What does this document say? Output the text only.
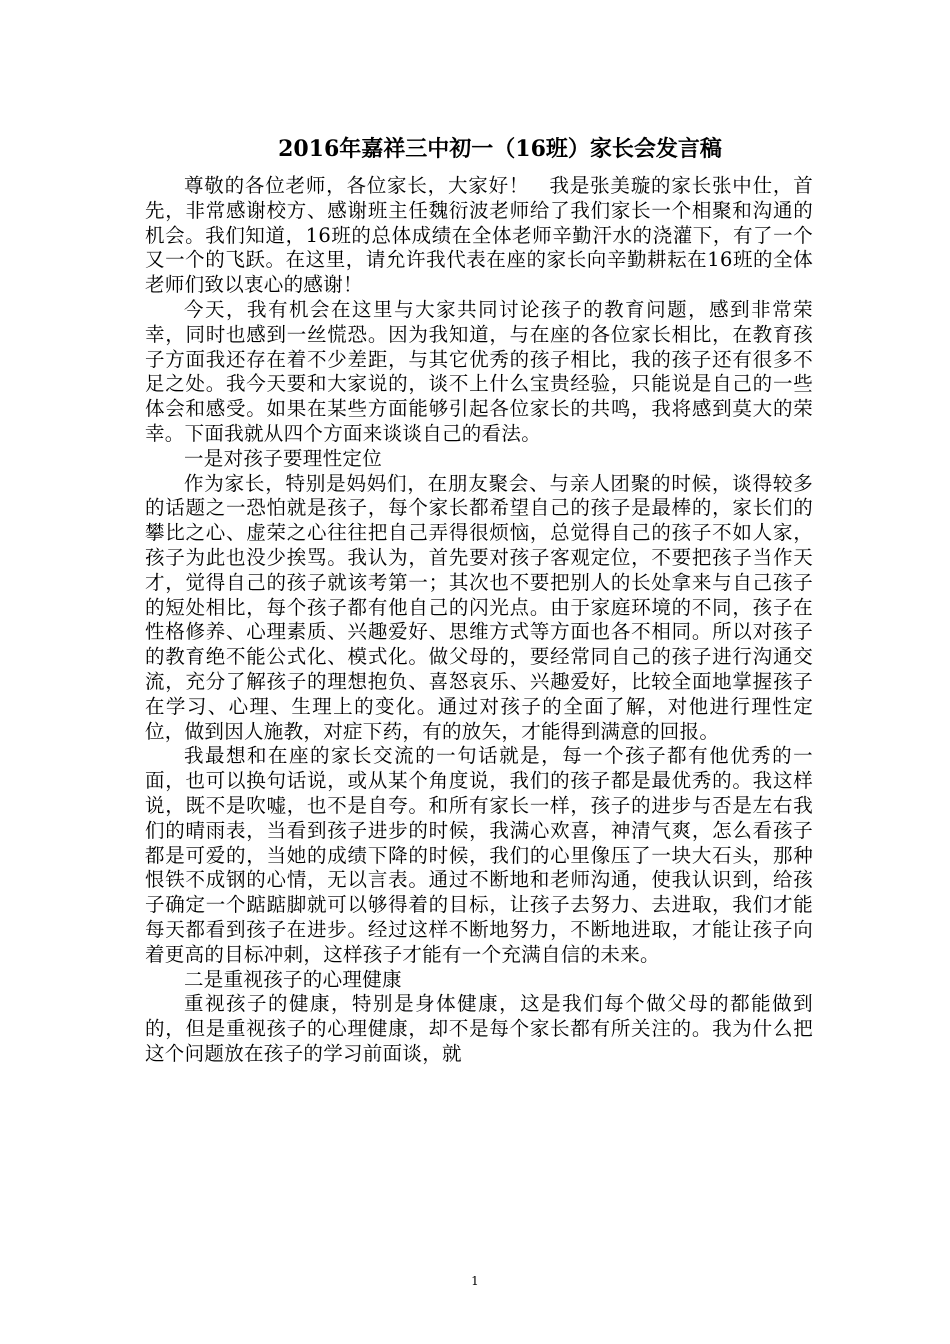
2016年嘉祥三中初一（16班）家长会发言稿

尊敬的各位老师，各位家长，大家好！　我是张美璇的家长张中仕，首先，非常感谢校方、感谢班主任魏衍波老师给了我们家长一个相聚和沟通的机会。我们知道，16班的总体成绩在全体老师辛勤汗水的浇灌下，有了一个又一个的飞跃。在这里，请允许我代表在座的家长向辛勤耕耘在16班的全体老师们致以衷心的感谢！

今天，我有机会在这里与大家共同讨论孩子的教育问题，感到非常荣幸，同时也感到一丝慌恐。因为我知道，与在座的各位家长相比，在教育孩子方面我还存在着不少差距，与其它优秀的孩子相比，我的孩子还有很多不足之处。我今天要和大家说的，谈不上什么宝贵经验，只能说是自己的一些体会和感受。如果在某些方面能够引起各位家长的共鸣，我将感到莫大的荣幸。下面我就从四个方面来谈谈自己的看法。

一是对孩子要理性定位

作为家长，特别是妈妈们，在朋友聚会、与亲人团聚的时候，谈得较多的话题之一恐怕就是孩子，每个家长都希望自己的孩子是最棒的，家长们的攀比之心、虚荣之心往往把自己弄得很烦恼，总觉得自己的孩子不如人家，孩子为此也没少挨骂。我认为，首先要对孩子客观定位，不要把孩子当作天才，觉得自己的孩子就该考第一；其次也不要把别人的长处拿来与自己孩子的短处相比，每个孩子都有他自己的闪光点。由于家庭环境的不同，孩子在性格修养、心理素质、兴趣爱好、思维方式等方面也各不相同。所以对孩子的教育绝不能公式化、模式化。做父母的，要经常同自己的孩子进行沟通交流，充分了解孩子的理想抱负、喜怒哀乐、兴趣爱好，比较全面地掌握孩子在学习、心理、生理上的变化。通过对孩子的全面了解，对他进行理性定位，做到因人施教，对症下药，有的放矢，才能得到满意的回报。

我最想和在座的家长交流的一句话就是，每一个孩子都有他优秀的一面，也可以换句话说，或从某个角度说，我们的孩子都是最优秀的。我这样说，既不是吹嘘，也不是自夸。和所有家长一样，孩子的进步与否是左右我们的晴雨表，当看到孩子进步的时候，我满心欢喜，神清气爽，怎么看孩子都是可爱的，当她的成绩下降的时候，我们的心里像压了一块大石头，那种恨铁不成钢的心情，无以言表。通过不断地和老师沟通，使我认识到，给孩子确定一个踮踮脚就可以够得着的目标，让孩子去努力、去进取，我们才能每天都看到孩子在进步。经过这样不断地努力，不断地进取，才能让孩子向着更高的目标冲刺，这样孩子才能有一个充满自信的未来。

二是重视孩子的心理健康

重视孩子的健康，特别是身体健康，这是我们每个做父母的都能做到的，但是重视孩子的心理健康，却不是每个家长都有所关注的。我为什么把这个问题放在孩子的学习前面谈，就

1
